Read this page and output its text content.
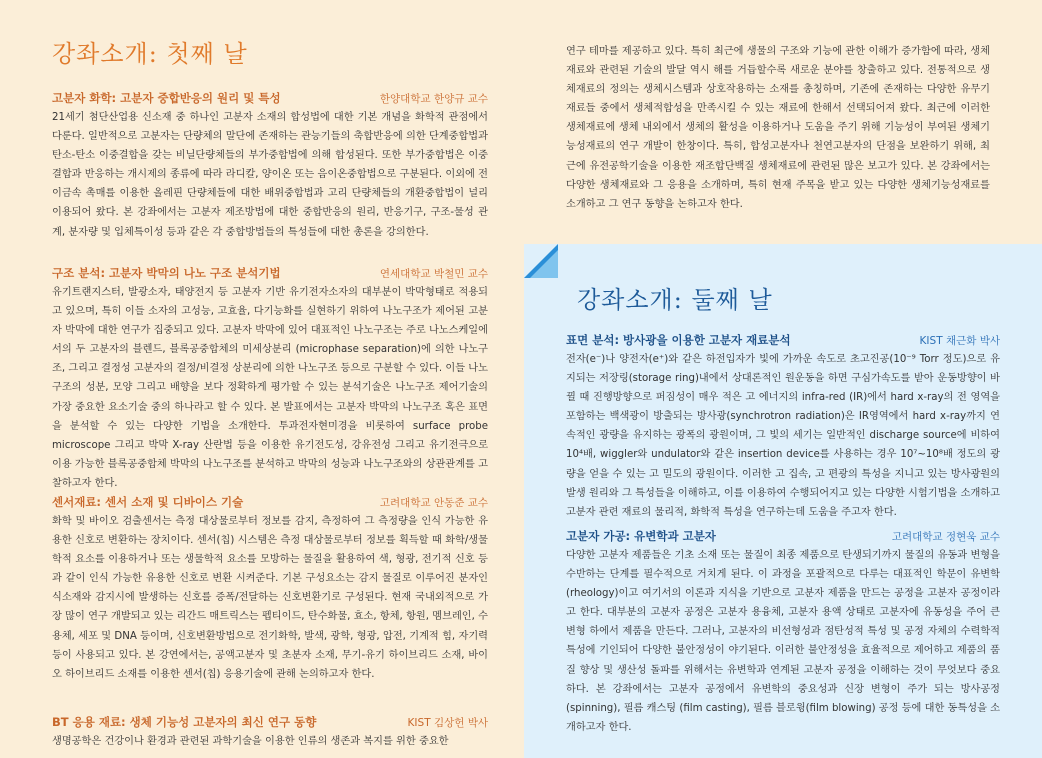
강좌소개: 첫째 날
강좌소개: 둘째 날
고분자 화학: 고분자 중합반응의 원리 및 특성	한양대학교 한양규 교수
21세기 첨단산업용 신소재 중 하나인 고분자 소재의 합성법에 대한 기본 개념을 화학적 관점에서 다룬다. 일반적으로 고분자는 단량체의 말단에 존재하는 관능기들의 축합반응에 의한 단계중합법과 탄소-탄소 이중결합을 갖는 비닐단량체들의 부가중합법에 의해 합성된다. 또한 부가중합법은 이중결합과 반응하는 개시제의 종류에 따라 라디칼, 양이온 또는 음이온중합법으로 구분된다. 이외에 전이금속 촉매를 이용한 올레핀 단량체들에 대한 배위중합법과 고리 단량체들의 개환중합법이 널리 이용되어 왔다. 본 강좌에서는 고분자 제조방법에 대한 중합반응의 원리, 반응기구, 구조-물성 관계, 분자량 및 입체특이성 등과 같은 각 중합방법들의 특성들에 대한 총론을 강의한다.
구조 분석: 고분자 박막의 나노 구조 분석기법	연세대학교 박철민 교수
유기트랜지스터, 발광소자, 태양전지 등 고분자 기반 유기전자소자의 대부분이 박막형태로 적용되고 있으며, 특히 이들 소자의 고성능, 고효율, 다기능화를 실현하기 위하여 나노구조가 제어된 고분자 박막에 대한 연구가 집중되고 있다. 고분자 박막에 있어 대표적인 나노구조는 주로 나노스케일에서의 두 고분자의 블렌드, 블록공중합체의 미세상분리 (microphase separation)에 의한 나노구조, 그리고 결정성 고분자의 결정/비결정 상분리에 의한 나노구조 등으로 구분할 수 있다. 이들 나노구조의 성분, 모양 그리고 배향을 보다 정확하게 평가할 수 있는 분석기술은 나노구조 제어기술의 가장 중요한 요소기술 중의 하나라고 할 수 있다. 본 발표에서는 고분자 박막의 나노구조 혹은 표면을 분석할 수 있는 다양한 기법을 소개한다. 투과전자현미경을 비롯하여 surface probe microscope 그리고 박막 X-ray 산란법 등을 이용한 유기전도성, 강유전성 그리고 유기전극으로 이용 가능한 블록공중합체 박막의 나노구조를 분석하고 박막의 성능과 나노구조와의 상관관계를 고찰하고자 한다.
센서재료: 센서 소재 및 디바이스 기술	고려대학교 안동준 교수
화학 및 바이오 검출센서는 측정 대상물로부터 정보를 감지, 측정하여 그 측정량을 인식 가능한 유용한 신호로 변환하는 장치이다. 센서(칩) 시스템은 측정 대상물로부터 정보를 획득할 때 화학/생물학적 요소를 이용하거나 또는 생물학적 요소를 모방하는 물질을 활용하여 색, 형광, 전기적 신호 등과 같이 인식 가능한 유용한 신호로 변환 시켜준다. 기본 구성요소는 감지 물질로 이루어진 분자인식소재와 감지시에 발생하는 신호를 증폭/전달하는 신호변환기로 구성된다. 현재 국내외적으로 가장 많이 연구 개발되고 있는 리간드 매트릭스는 펩티이드, 탄수화물, 효소, 항체, 항원, 멤브레인, 수용체, 세포 및 DNA 등이며, 신호변환방법으로 전기화학, 발색, 광학, 형광, 압전, 기계적 힘, 자기력 등이 사용되고 있다. 본 강연에서는, 공액고분자 및 초분자 소재, 무기-유기 하이브리드 소재, 바이오 하이브리드 소재를 이용한 센서(칩) 응용기술에 관해 논의하고자 한다.
BT 응용 재료: 생체 기능성 고분자의 최신 연구 동향	KIST 김상헌 박사
생명공학은 건강이나 환경과 관련된 과학기술을 이용한 인류의 생존과 복지를 위한 중요한
연구 테마를 제공하고 있다. 특히 최근에 생물의 구조와 기능에 관한 이해가 증가함에 따라, 생체재료와 관련된 기술의 발달 역시 해를 거듭할수록 새로운 분야를 창출하고 있다. 전통적으로 생체재료의 정의는 생체시스템과 상호작용하는 소재를 총칭하며, 기존에 존재하는 다양한 유무기 재료들 중에서 생체적합성을 만족시킬 수 있는 재료에 한해서 선택되어져 왔다. 최근에 이러한 생체재료에 생체 내외에서 생체의 활성을 이용하거나 도움을 주기 위해 기능성이 부여된 생체기능성재료의 연구 개발이 한창이다. 특히, 합성고분자나 천연고분자의 단점을 보완하기 위해, 최근에 유전공학기술을 이용한 재조합단백질 생체재료에 관련된 많은 보고가 있다. 본 강좌에서는 다양한 생체재료와 그 응용을 소개하며, 특히 현재 주목을 받고 있는 다양한 생체기능성재료를 소개하고 그 연구 동향을 논하고자 한다.
표면 분석: 방사광을 이용한 고분자 재료분석	KIST 채근화 박사
전자(e⁻)나 양전자(e⁺)와 같은 하전입자가 빛에 가까운 속도로 초고진공(10⁻⁹ Torr 정도)으로 유지되는 저장링(storage ring)내에서 상대론적인 원운동을 하면 구심가속도를 받아 운동방향이 바뀔 때 진행방향으로 퍼짐성이 매우 적은 고 에너지의 infra-red (IR)에서 hard x-ray의 전 영역을 포함하는 백색광이 방출되는 방사광(synchrotron radiation)은 IR영역에서 hard x-ray까지 연속적인 광량을 유지하는 광폭의 광원이며, 그 빛의 세기는 일반적인 discharge source에 비하여 10⁴배, wiggler와 undulator와 같은 insertion device를 사용하는 경우 10⁷~10⁸배 정도의 광량을 얻을 수 있는 고 밀도의 광원이다. 이러한 고 집속, 고 편광의 특성을 지니고 있는 방사광원의 발생 원리와 그 특성들을 이해하고, 이를 이용하여 수행되어지고 있는 다양한 시험기법을 소개하고 고분자 관련 재료의 물리적, 화학적 특성을 연구하는데 도움을 주고자 한다.
고분자 가공: 유변학과 고분자	고려대학교 정현욱 교수
다양한 고분자 제품들은 기초 소재 또는 물질이 최종 제품으로 탄생되기까지 물질의 유동과 변형을 수반하는 단계를 필수적으로 거치게 된다. 이 과정을 포괄적으로 다루는 대표적인 학문이 유변학(rheology)이고 여기서의 이론과 지식을 기반으로 고분자 제품을 만드는 공정을 고분자 공정이라고 한다. 대부분의 고분자 공정은 고분자 용융체, 고분자 용액 상태로 고분자에 유동성을 주어 큰 변형 하에서 제품을 만든다. 그러나, 고분자의 비선형성과 점탄성적 특성 및 공정 자체의 수력학적 특성에 기인되어 다양한 불안정성이 야기된다. 이러한 불안정성을 효율적으로 제어하고 제품의 품질 향상 및 생산성 돌파를 위해서는 유변학과 연계된 고분자 공정을 이해하는 것이 무엇보다 중요하다. 본 강좌에서는 고분자 공정에서 유변학의 중요성과 신장 변형이 주가 되는 방사공정(spinning), 필름 캐스팅 (film casting), 필름 블로윙(film blowing) 공정 등에 대한 동특성을 소개하고자 한다.
